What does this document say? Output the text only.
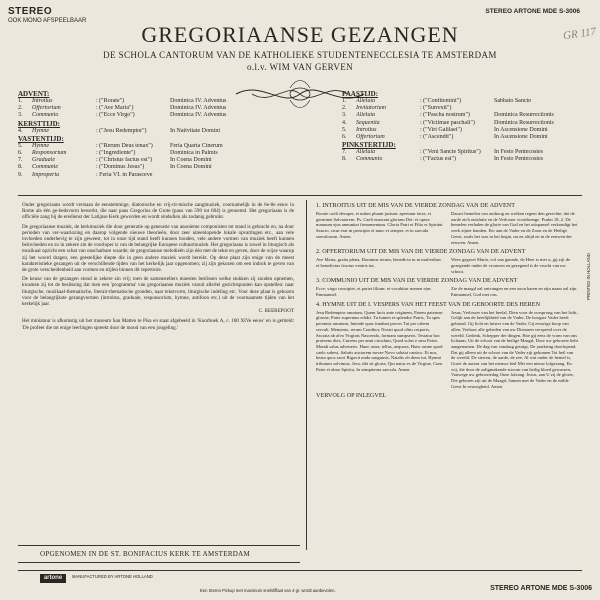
STEREO
OOK MONO AFSPEELBAAR
STEREO ARTONE MDE S-3006
GR 117
GREGORIAANSE GEZANGEN
DE SCHOLA CANTORUM VAN DE KATHOLIEKE STUDENTENECCLESIA TE AMSTERDAM
o.l.v. WIM VAN GERVEN
ADVENT:
1.	Introitus	: ("Rorate")	Dominica IV. Adventus
2.	Offertorium	: ("Ave Maria")	Dominica IV. Adventus
3.	Communio	: ("Ecce Virgo")	Dominica IV. Adventus
KERSTTIJD:
4.	Hymne	: ("Jesu Redemptor")	In Nativitate Domini
VASTENTIJD:
5.	Hymne	: ("Rerum Deus tenax")	Feria Quarta Cinerum
6.	Responsorium	: ("Ingrediente")	Dominica in Palmis
7.	Graduale	: ("Christus factus est")	In Coena Domini
8.	Communie	: ("Dominus Jesus")	In Coena Domini
9.	Improperia	: Feria VI. in Parasceve
PAASTIJD:
1.	Alleluia	: ("Confitemini")	Sabbato Sancto
2.	Invitatorium	: ("Surrexit")
3.	Alleluia	: ("Pascha nostrum")	Dominica Resurrectionis
4.	Sequentia	: ("Victimae paschali")	Dominica Resurrectionis
5.	Introitus	: ("Viri Galilaei")	In Ascensione Domini
6.	Offertorium	: ("Ascendit")	In Ascensione Domini
PINKSTERTIJD:
7.	Alleluia	: ("Veni Sancte Spiritus")	In Festo Pentecostes
8.	Communio	: ("Factus est")	In Festo Pentecostes

Onder gregoriaans wordt verstaan de eenstemmige, diatonische en vrij-rit-mische zangmuziek, voornamelijk in de 6e-8e eeuw in Rome als één ge-bedsvorm bewerkt, die naar paus Gregorius de Grote (paus van 590 tot 604) is genoemd. Het gregoriaans is de officiële zang bij de eredienst der Latijnse Kerk geworden en wordt sindsdien als zodanig gebruikt.

De gregoriaanse muziek, de kerkmuziek die door generatie op generatie van anonieme componisten tot stand is gebracht en, na door perioden van ver-waarlozing en daarop volgende nieuwe theorieën, door zeer uiteenlopende lokale opvattingen etc., aan vele invloeden onderhevig te zijn geweest, tot in onze tijd stand heeft kunnen houden, vele andere vormen van muziek heeft kunnen beïnvloeden en zo in zekere zin de voorloper is van de belangrijke Europese cultuurmuziek. Het gregoriaans is zowel in liturgisch als muzikaal opzicht een schat van onschatbare waarde; de gregoriaanse melodieën zijn één met de tekst en geven, door de wijze waarop zij het woord dragen, een geestelijke diepte die in geen andere muziek wordt bereikt. Op deze plaat zijn enige van de meest karakteristieke gezangen uit de verschillende tijden van het kerkelijk jaar opgenomen; zij zijn gekozen om een indruk te geven van de grote verscheidenheid aan vormen en stijlen binnen dit repertoire.

De keuze van de gezangen stond in zekere zin vrij; toen de samenstellers moesten beslissen welke stukken zij zouden opnemen, kwamen zij tot de beslissing dat men een 'programma' van gregoriaanse muziek vanuit allerlei gezichtspunten kan opstellen: naar liturgische, muzikaal-thematische, literair-thematische gronden, naar tekstvorm, liturgische indeling etc. Voor deze plaat is gekozen voor de belangrijkste gezangvormen (introitus, graduale, responsorium, hymne, antifoon etc.) uit de voornaamste tijden van het kerkelijk jaar.

C. BEEREPOOT

Het miniatuur is afkomstig uit het museum San Matteo te Pisa en staat afgebeeld in 'Koorboek A, c. 180 XIVe eeuw' en is getiteld: 'De profeet die tot enige leerlingen spreekt door de mond van een jongeling.'

OPGENOMEN IN DE ST. BONIFACIUS KERK TE AMSTERDAM
1. INTROITUS UIT DE MIS VAN DE VIERDE ZONDAG VAN DE ADVENT
Rorate caeli desuper, et nubes pluant justum: aperiatur terra, et germinet Salvatorem. Ps. Caeli enarrant gloriam Dei: et opera manuum ejus annuntiat firmamentum. Gloria Patri et Filio et Spiritui Sancto, sicut erat in principio et nunc et semper, et in saecula saeculorum. Amen.
Dauwt hemelen van omhoog en wolken regent den gerechte; dat de aarde zich ontsluite en de Verlosser voortbrenge. Psalm 18, 2. De hemelen verhalen de glorie van God en het uitspansel verkondigt het werk zijner handen. Eer aan de Vader en de Zoon en de Heilige Geest, zoals het was in het begin, nu en altijd en in de eeuwen der eeuwen. Amen.
2. OFFERTORIUM UIT DE MIS VAN DE VIERDE ZONDAG VAN DE ADVENT
Ave Maria, gratia plena, Dominus tecum, benedicta tu in mulieribus et benedictus fructus ventris tui.
Wees gegroet Maria, vol van genade, de Heer is met u, gij zijt de gezegende onder de vrouwen en gezegend is de vrucht van uw schoot.
3. COMMUNIO UIT DE MIS VAN DE VIERDE ZONDAG VAN DE ADVENT
Ecce, virgo concipiet, et pariet filium: et vocabitur nomen ejus Emmanuel.
Zie de maagd zal ontvangen en een zoon baren en zijn naam zal zijn Emmanuel, God met ons.
4. HYMNE UIT DE I. VESPERS VAN HET FEEST VAN DE GEBOORTE DES HEREN
Jesu Redemptor omnium, Quem lucis ante originem, Parem paternae gloriae, Pater supremus edidit. Tu lumen et splendor Patris, Tu spes perennis omnium, Intende quas fundunt preces Tui per orbem servuli. Memento, rerum Conditor, Nostri quod olim corporis, Sacrata ab alvo Virginis Nascendo, formam sumpseris. Testatur hoc praesens dies, Currens per anni circulum, Quod solus e sinu Patris Mundi salus adveneris. Hunc astra, tellus, aequora, Hunc omne quod caelo subest, Salutis auctorem novae Novo salutat cantico. Et nos, beata quos sacri Rigavit unda sanguinis, Natalis ob diem tui, Hymni tributum solvimus. Jesu, tibi sit gloria, Qui natus es de Virgine, Cum Patre et almo Spiritu, In sempiterna saecula. Amen.
Jesus, Verlosser van het heelal, Dien voor de oorsprong van het licht, Gelijk aan de heerlijkheid van de Vader, De hoogste Vader heeft gebaard. Gij licht en luister van de Vader, Gij eeuwige hoop van allen, Verhoor alle gebeden van uw Dienaren verspreid over de wereld. Gedenk, Schepper der dingen, Hoe gij eens de vorm van ons lichaam, Uit de schoot van de heilige Maagd, Door uw geboorte hebt aangenomen. De dag van vandaag getuigt, De jaarkring doorlopend, Dat gij alleen uit de schoot van de Vader zijt gekomen Tot heil van de wereld. De sterren, de aarde, de zee, Al wat onder de hemel is, Groet de auteur van het nieuwe heil Met een nieuw lofgezang. En wij, die door de zaligmakende stroom van heilig bloed gewassen, Vanwege uw geboortedag Onze lofzang. Jezus, aan U zij de glorie, Die geboren zijt uit de Maagd, Samen met de Vader en de milde Geest In eeuwigheid. Amen.
VERVOLG OP INLEGVEL
PRINTED IN HOLLAND
artone	MANUFACTURED BY ARTONE HOLLAND
Een Stereo Pickup met maximum snelsliffaat van 4 gr. wordt aanbevolen.	STEREO ARTONE MDE S-3006
